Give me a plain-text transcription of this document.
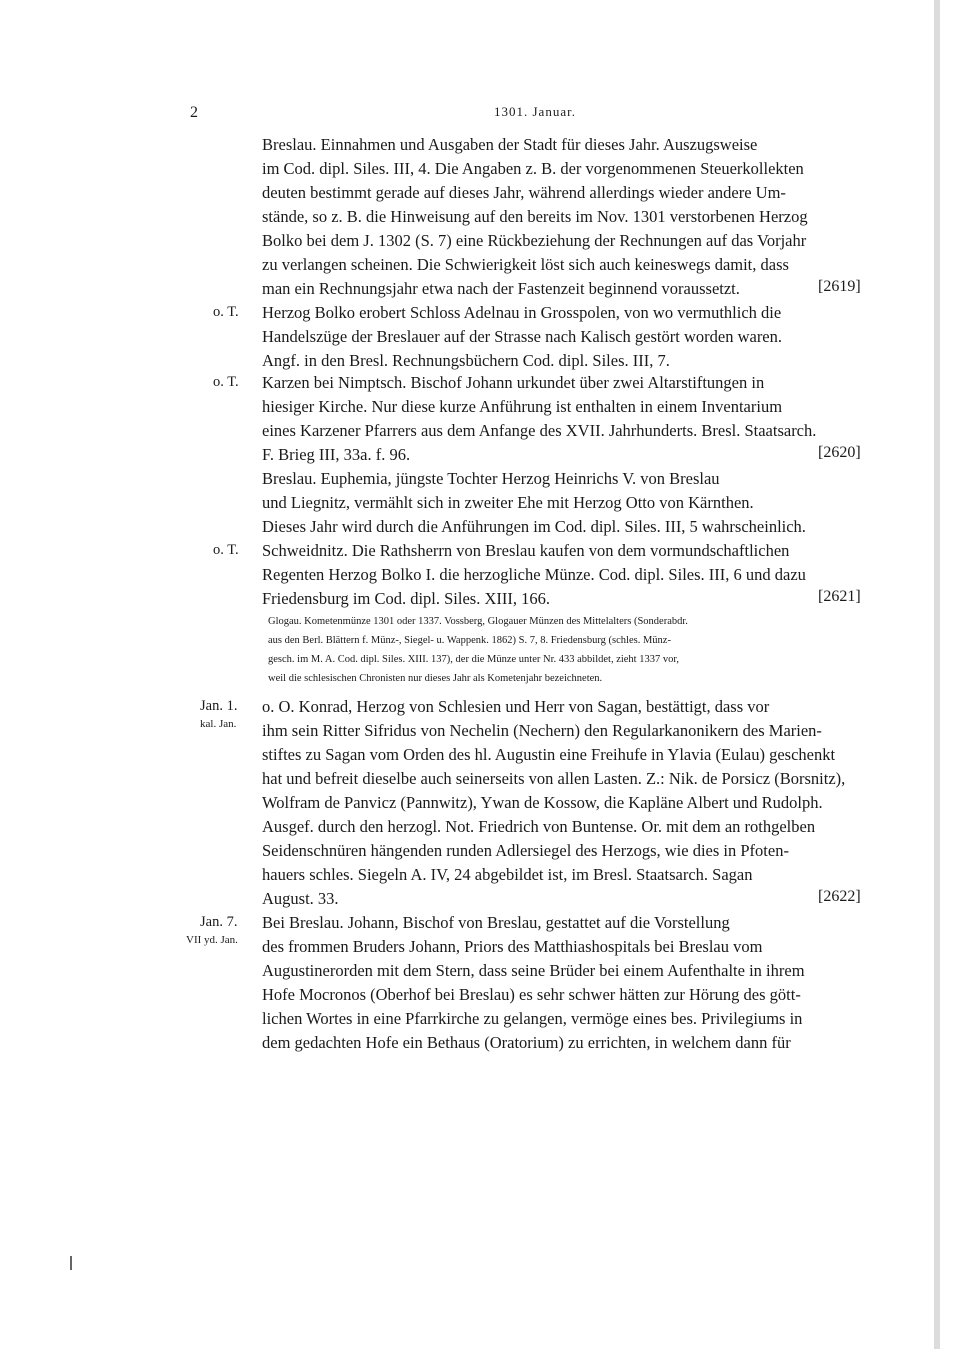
2	1301. Januar.
Breslau. Einnahmen und Ausgaben der Stadt für dieses Jahr. Auszugsweise
im Cod. dipl. Siles. III, 4. Die Angaben z. B. der vorgenommenen Steuerkollekten
deuten bestimmt gerade auf dieses Jahr, während allerdings wieder andere Um-
stände, so z. B. die Hinweisung auf den bereits im Nov. 1301 verstorbenen Herzog
Bolko bei dem J. 1302 (S. 7) eine Rückbeziehung der Rechnungen auf das Vorjahr
zu verlangen scheinen. Die Schwierigkeit löst sich auch keineswegs damit, dass
man ein Rechnungsjahr etwa nach der Fastenzeit beginnend voraussetzt.	[2619]
o. T. Herzog Bolko erobert Schloss Adelnau in Grosspolen, von wo vermuthlich die
Handelszüge der Breslauer auf der Strasse nach Kalisch gestört worden waren.
Angf. in den Bresl. Rechnungsbüchern Cod. dipl. Siles. III, 7.
o. T. Karzen bei Nimptsch. Bischof Johann urkundet über zwei Altarstiftungen in
hiesiger Kirche. Nur diese kurze Anführung ist enthalten in einem Inventarium
eines Karzener Pfarrers aus dem Anfange des XVII. Jahrhunderts. Bresl. Staatsarch.
F. Brieg III, 33a. f. 96.	[2620]
Breslau. Euphemia, jüngste Tochter Herzog Heinrichs V. von Breslau
und Liegnitz, vermählt sich in zweiter Ehe mit Herzog Otto von Kärnthen.
Dieses Jahr wird durch die Anführungen im Cod. dipl. Siles. III, 5 wahrscheinlich.
o. T. Schweidnitz. Die Rathsherrn von Breslau kaufen von dem vormundschaftlichen
Regenten Herzog Bolko I. die herzogliche Münze. Cod. dipl. Siles. III, 6 und dazu
Friedensburg im Cod. dipl. Siles. XIII, 166.	[2621]
Glogau. Kometenmünze 1301 oder 1337. Vossberg, Glogauer Münzen des Mittelalters (Sonderabdr.
aus den Berl. Blättern f. Münz-, Siegel- u. Wappenk. 1862) S. 7, 8. Friedensburg (schles. Münz-
gesch. im M. A. Cod. dipl. Siles. XIII. 137), der die Münze unter Nr. 433 abbildet, zieht 1337 vor,
weil die schlesischen Chronisten nur dieses Jahr als Kometenjahr bezeichneten.
Jan. 1.
kal. Jan.
o. O. Konrad, Herzog von Schlesien und Herr von Sagan, bestättigt, dass vor
ihm sein Ritter Sifridus von Nechelin (Nechern) den Regularkanonikern des Marien-
stiftes zu Sagan vom Orden des hl. Augustin eine Freihufe in Ylavia (Eulau) geschenkt
hat und befreit dieselbe auch seinerseits von allen Lasten. Z.: Nik. de Porsicz (Borsnitz),
Wolfram de Panvicz (Pannwitz), Ywan de Kossow, die Kapläne Albert und Rudolph.
Ausgef. durch den herzogl. Not. Friedrich von Buntense. Or. mit dem an rothgelben
Seidenschnüren hängenden runden Adlersiegel des Herzogs, wie dies in Pfoten-
hauers schles. Siegeln A. IV, 24 abgebildet ist, im Bresl. Staatsarch. Sagan
August. 33.	[2622]
Jan. 7.
VII yd. Jan.
Bei Breslau. Johann, Bischof von Breslau, gestattet auf die Vorstellung
des frommen Bruders Johann, Priors des Matthiashospitals bei Breslau vom
Augustinerorden mit dem Stern, dass seine Brüder bei einem Aufenthalte in ihrem
Hofe Mocronos (Oberhof bei Breslau) es sehr schwer hätten zur Hörung des gött-
lichen Wortes in eine Pfarrkirche zu gelangen, vermöge eines bes. Privilegiums in
dem gedachten Hofe ein Bethaus (Oratorium) zu errichten, in welchem dann für
